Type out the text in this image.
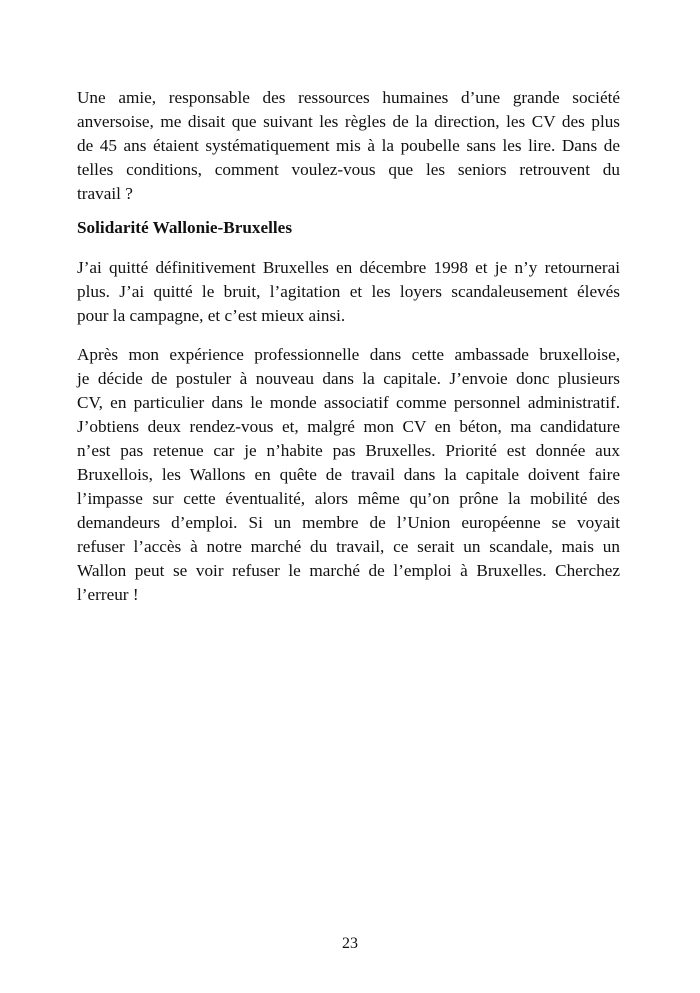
Une amie, responsable des ressources humaines d’une grande société
anversoise, me disait que suivant les règles de la direction, les CV des plus
de 45 ans étaient systématiquement mis à la poubelle sans les lire. Dans de
telles conditions, comment voulez-vous que les seniors retrouvent du
travail ?
Solidarité Wallonie-Bruxelles
J’ai quitté définitivement Bruxelles en décembre 1998 et je n’y retournerai
plus. J’ai quitté le bruit, l’agitation et les loyers scandaleusement élevés
pour la campagne, et c’est mieux ainsi.
Après mon expérience professionnelle dans cette ambassade bruxelloise,
je décide de postuler à nouveau dans la capitale. J’envoie donc plusieurs
CV, en particulier dans le monde associatif comme personnel administratif.
J’obtiens deux rendez-vous et, malgré mon CV en béton, ma candidature
n’est pas retenue car je n’habite pas Bruxelles. Priorité est donnée aux
Bruxellois, les Wallons en quête de travail dans la capitale doivent faire
l’impasse sur cette éventualité, alors même qu’on prône la mobilité des
demandeurs d’emploi. Si un membre de l’Union européenne se voyait
refuser l’accès à notre marché du travail, ce serait un scandale, mais un
Wallon peut se voir refuser le marché de l’emploi à Bruxelles. Cherchez
l’erreur !
23
